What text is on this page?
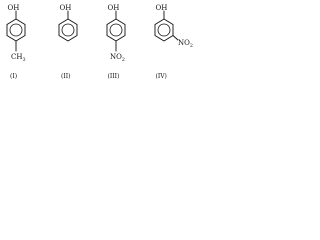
OH
$CH_3$
(I)
OH
(II)
OH
$NO_2$
(III)
OH
$NO_2$
(IV)
